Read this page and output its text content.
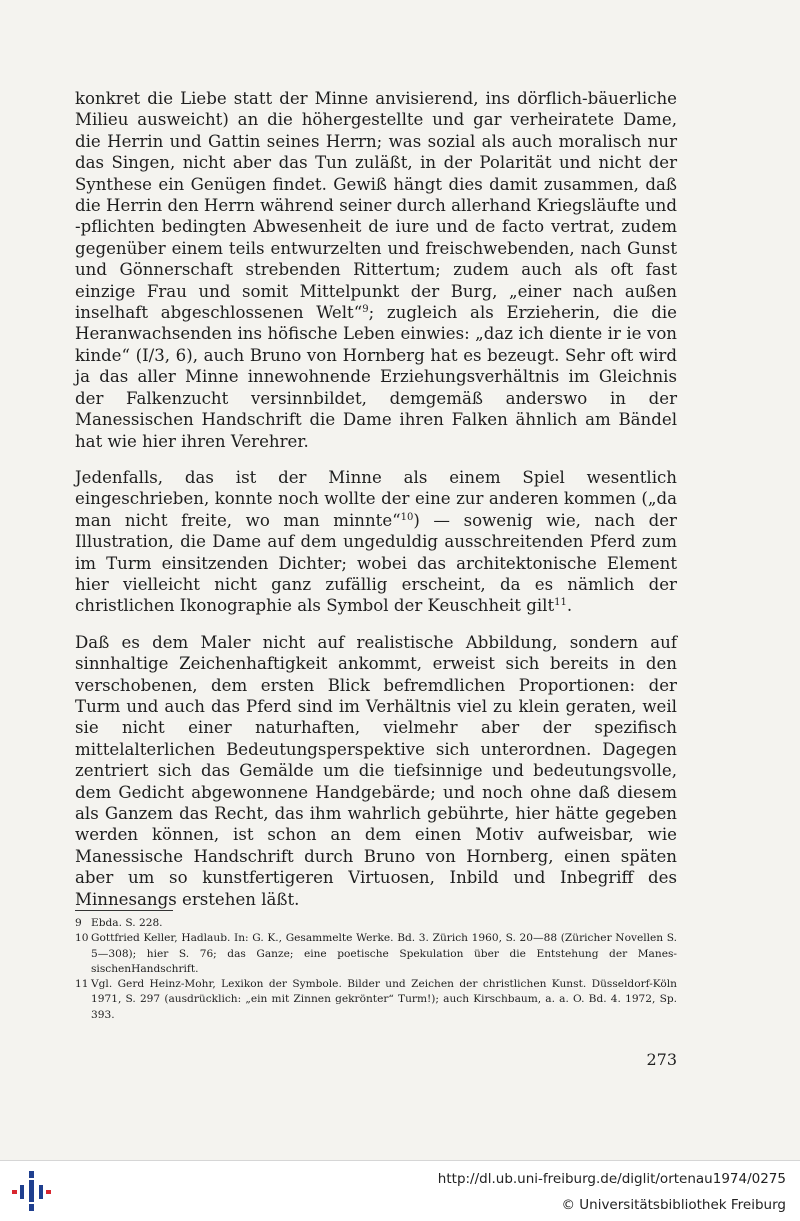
konkret die Liebe statt der Minne anvisierend, ins dörflich-bäuerliche Milieu ausweicht) an die höhergestellte und gar verheiratete Dame, die Herrin und Gattin seines Herrn; was sozial als auch moralisch nur das Singen, nicht aber das Tun zuläßt, in der Polarität und nicht der Synthese ein Genügen findet. Gewiß hängt dies damit zusammen, daß die Herrin den Herrn während seiner durch allerhand Kriegsläufte und -pflichten bedingten Abwesenheit de iure und de facto vertrat, zudem gegenüber einem teils entwurzelten und freischwebenden, nach Gunst und Gönnerschaft strebenden Rittertum; zudem auch als oft fast einzige Frau und somit Mittelpunkt der Burg, „einer nach außen inselhaft abgeschlossenen Welt“$^9$; zugleich als Erzieherin, die die Heranwachsenden ins höfische Leben einwies: „daz ich diente ir ie von kinde“ (I/3, 6), auch Bruno von Hornberg hat es bezeugt. Sehr oft wird ja das aller Minne innewohnende Erziehungsverhältnis im Gleichnis der Falkenzucht versinnbildet, demgemäß anderswo in der Manessischen Handschrift die Dame ihren Falken ähnlich am Bändel hat wie hier ihren Verehrer.

Jedenfalls, das ist der Minne als einem Spiel wesentlich eingeschrieben, konnte noch wollte der eine zur anderen kommen („da man nicht freite, wo man minnte“$^{10}$) — sowenig wie, nach der Illustration, die Dame auf dem ungeduldig ausschreitenden Pferd zum im Turm einsitzenden Dichter; wobei das architektonische Element hier vielleicht nicht ganz zufällig erscheint, da es nämlich der christlichen Ikonographie als Symbol der Keuschheit gilt$^{11}$.

Daß es dem Maler nicht auf realistische Abbildung, sondern auf sinnhaltige Zeichenhaftigkeit ankommt, erweist sich bereits in den verschobenen, dem ersten Blick befremdlichen Proportionen: der Turm und auch das Pferd sind im Verhältnis viel zu klein geraten, weil sie nicht einer naturhaften, vielmehr aber der spezifisch mittelalterlichen Bedeutungsperspektive sich unterordnen. Dagegen zentriert sich das Gemälde um die tiefsinnige und bedeutungsvolle, dem Gedicht abgewonnene Handgebärde; und noch ohne daß diesem als Ganzem das Recht, das ihm wahrlich gebührte, hier hätte gegeben werden können, ist schon an dem einen Motiv aufweisbar, wie Manessische Handschrift durch Bruno von Hornberg, einen späten aber um so kunstfertigeren Virtuosen, Inbild und Inbegriff des Minnesangs erstehen läßt.

9 Ebda. S. 228.
10 Gottfried Keller, Hadlaub. In: G. K., Gesammelte Werke. Bd. 3. Zürich 1960, S. 20—88 (Züricher Novellen S. 5—308); hier S. 76; das Ganze; eine poetische Spekulation über die Entstehung der ManessischenHandschrift.
11 Vgl. Gerd Heinz-Mohr, Lexikon der Symbole. Bilder und Zeichen der christlichen Kunst. Düsseldorf-Köln 1971, S. 297 (ausdrücklich: „ein mit Zinnen gekrönter“ Turm!); auch Kirschbaum, a. a. O. Bd. 4. 1972, Sp. 393.
273
http://dl.ub.uni-freiburg.de/diglit/ortenau1974/0275
© Universitätsbibliothek Freiburg
